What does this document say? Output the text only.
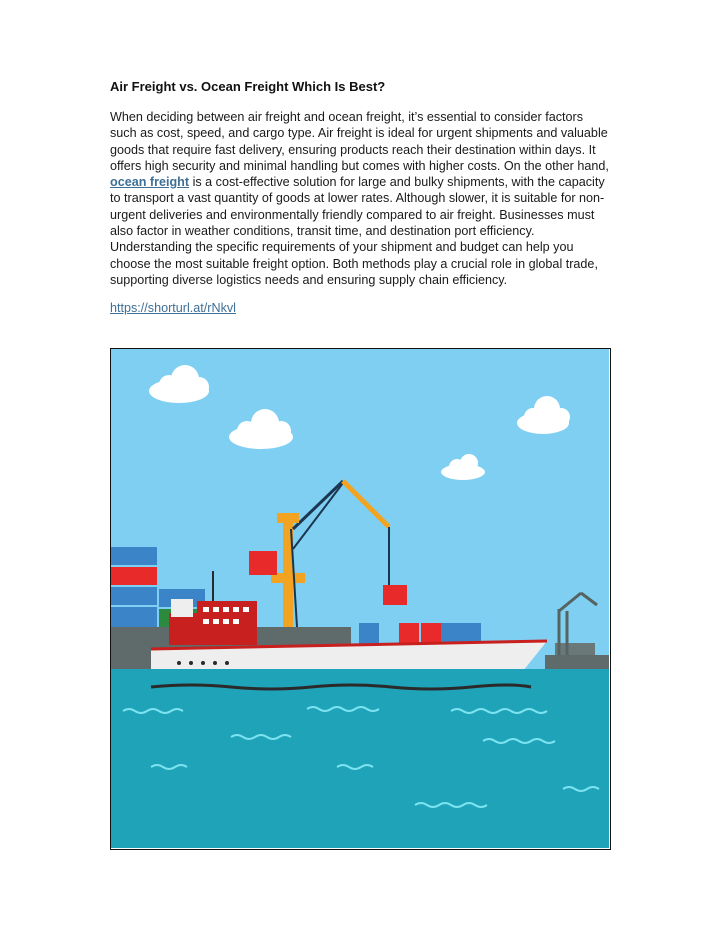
Air Freight vs. Ocean Freight Which Is Best?

When deciding between air freight and ocean freight, it’s essential to consider factors such as cost, speed, and cargo type. Air freight is ideal for urgent shipments and valuable goods that require fast delivery, ensuring products reach their destination within days. It offers high security and minimal handling but comes with higher costs. On the other hand, ocean freight is a cost-effective solution for large and bulky shipments, with the capacity to transport a vast quantity of goods at lower rates. Although slower, it is suitable for non-urgent deliveries and environmentally friendly compared to air freight. Businesses must also factor in weather conditions, transit time, and destination port efficiency. Understanding the specific requirements of your shipment and budget can help you choose the most suitable freight option. Both methods play a crucial role in global trade, supporting diverse logistics needs and ensuring supply chain efficiency.

https://shorturl.at/rNkvl
